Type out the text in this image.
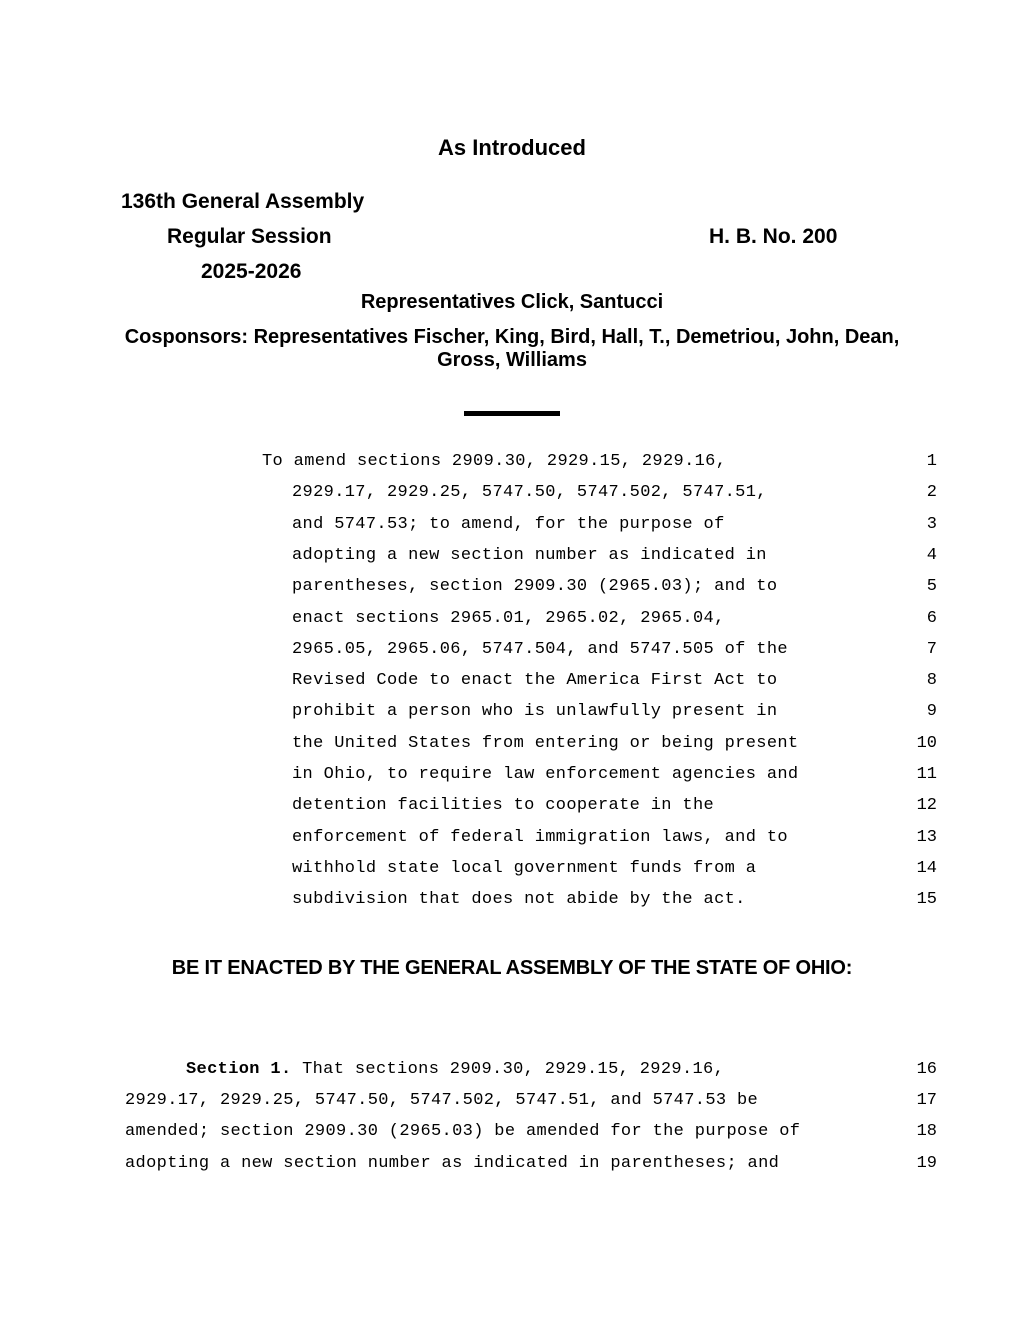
As Introduced
136th General Assembly
Regular Session
2025-2026
H. B. No. 200
Representatives Click, Santucci
Cosponsors: Representatives Fischer, King, Bird, Hall, T., Demetriou, John, Dean,
Gross, Williams
To amend sections 2909.30, 2929.15, 2929.16,	1
2929.17, 2929.25, 5747.50, 5747.502, 5747.51,	2
and 5747.53; to amend, for the purpose of	3
adopting a new section number as indicated in	4
parentheses, section 2909.30 (2965.03); and to	5
enact sections 2965.01, 2965.02, 2965.04,	6
2965.05, 2965.06, 5747.504, and 5747.505 of the	7
Revised Code to enact the America First Act to	8
prohibit a person who is unlawfully present in	9
the United States from entering or being present	10
in Ohio, to require law enforcement agencies and	11
detention facilities to cooperate in the	12
enforcement of federal immigration laws, and to	13
withhold state local government funds from a	14
subdivision that does not abide by the act.	15
BE IT ENACTED BY THE GENERAL ASSEMBLY OF THE STATE OF OHIO:
Section 1. That sections 2909.30, 2929.15, 2929.16,	16
2929.17, 2929.25, 5747.50, 5747.502, 5747.51, and 5747.53 be	17
amended; section 2909.30 (2965.03) be amended for the purpose of	18
adopting a new section number as indicated in parentheses; and	19
